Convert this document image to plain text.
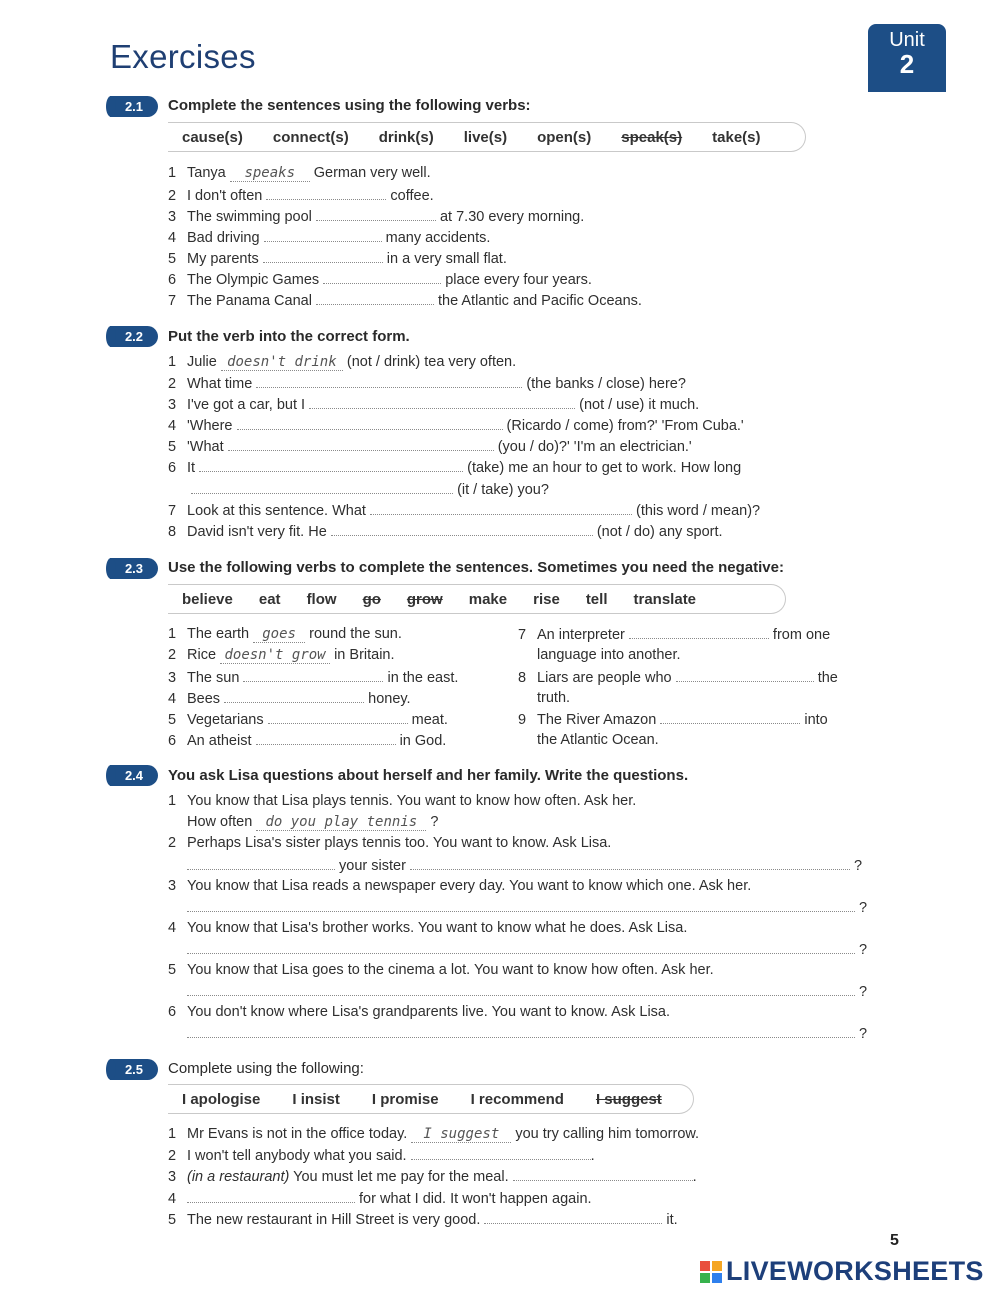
Exercises	Unit
2
2.1	Complete the sentences using the following verbs:
cause(s) connect(s) drink(s) live(s) open(s) speak(s) take(s)
1 Tanya speaks German very well.
2 I don't often	coffee.
3 The swimming pool	at 7.30 every morning.
4 Bad driving	many accidents.
5 My parents	in a very small flat.
6 The Olympic Games	place every four years.
7 The Panama Canal	the Atlantic and Pacific Oceans.
2.2	Put the verb into the correct form.
1 Julie doesn't drink (not / drink) tea very often.
2 What time	(the banks / close) here?
3 I've got a car, but I	(not / use) it much.
4 'Where	(Ricardo / come) from?' 'From Cuba.'
5 'What	(you / do)?' 'I'm an electrician.'
6 It	(take) me an hour to get to work. How long
(it / take) you?
7 Look at this sentence. What	(this word / mean)?
8 David isn't very fit. He	(not / do) any sport.
2.3	Use the following verbs to complete the sentences. Sometimes you need the negative:
believe eat flow go grow make rise tell translate
1 The earth goes round the sun.
2 Rice doesn't grow in Britain.
3 The sun	in the east.
4 Bees	honey.
5 Vegetarians	meat.
6 An atheist	in God.
7 An interpreter	from one
language into another.
8 Liars are people who	the
truth.
9 The River Amazon	into
the Atlantic Ocean.
2.4	You ask Lisa questions about herself and her family. Write the questions.
1 You know that Lisa plays tennis. You want to know how often. Ask her.
How often do you play tennis ?
2 Perhaps Lisa's sister plays tennis too. You want to know. Ask Lisa.
your sister	?
3 You know that Lisa reads a newspaper every day. You want to know which one. Ask her.
?
4 You know that Lisa's brother works. You want to know what he does. Ask Lisa.
?
5 You know that Lisa goes to the cinema a lot. You want to know how often. Ask her.
?
6 You don't know where Lisa's grandparents live. You want to know. Ask Lisa.
?
2.5	Complete using the following:
I apologise I insist I promise I recommend I suggest
1 Mr Evans is not in the office today. I suggest you try calling him tomorrow.
2 I won't tell anybody what you said.	.
3 (in a restaurant) You must let me pay for the meal.	.
4	for what I did. It won't happen again.
5 The new restaurant in Hill Street is very good.	it.
5
LIVEWORKSHEETS
